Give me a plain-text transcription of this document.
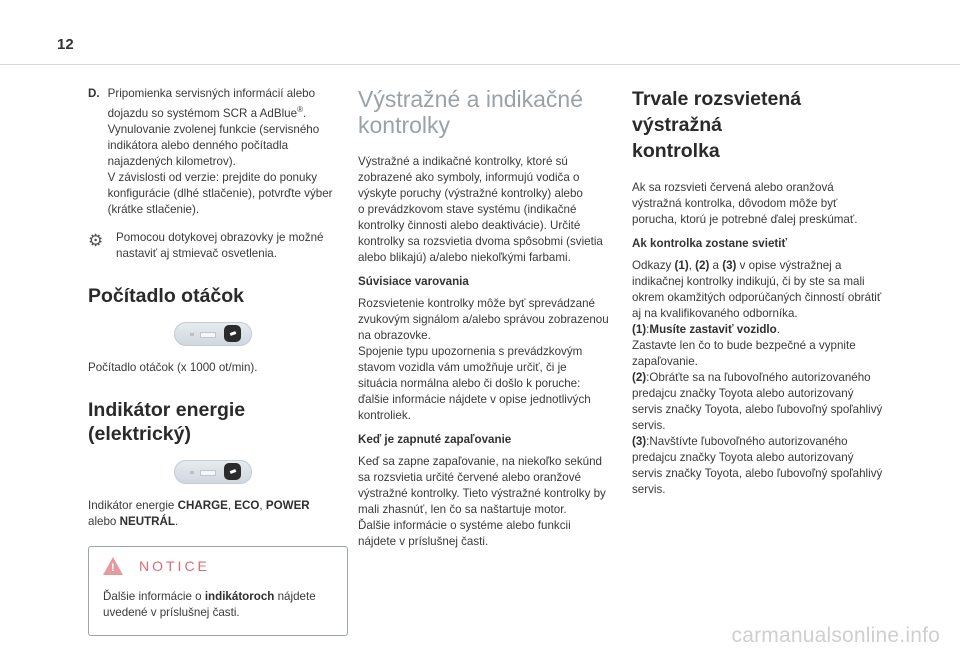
12
D. Pripomienka servisných informácií alebo
dojazdu so systémom SCR a AdBlue®.
Vynulovanie zvolenej funkcie (servisného
indikátora alebo denného počítadla
najazdených kilometrov).
V závislosti od verzie: prejdite do ponuky
konfigurácie (dlhé stlačenie), potvrďte výber
(krátke stlačenie).
⚙ Pomocou dotykovej obrazovky je možné
nastaviť aj stmievač osvetlenia.
Počítadlo otáčok

Počítadlo otáčok (x 1000 ot/min).

Indikátor energie (elektrický)

Indikátor energie CHARGE, ECO, POWER
alebo NEUTRÁL.

!
NOTICE

Ďalšie informácie o indikátoroch nájdete
uvedené v príslušnej časti.

Výstražné a indikačné
kontrolky

Výstražné a indikačné kontrolky, ktoré sú
zobrazené ako symboly, informujú vodiča o
výskyte poruchy (výstražné kontrolky) alebo
o prevádzkovom stave systému (indikačné
kontrolky činnosti alebo deaktivácie). Určité
kontrolky sa rozsvietia dvoma spôsobmi (svietia
alebo blikajú) a/alebo niekoľkými farbami.

Súvisiace varovania

Rozsvietenie kontrolky môže byť sprevádzané
zvukovým signálom a/alebo správou zobrazenou
na obrazovke.
Spojenie typu upozornenia s prevádzkovým
stavom vozidla vám umožňuje určiť, či je
situácia normálna alebo či došlo k poruche:
ďalšie informácie nájdete v opise jednotlivých
kontroliek.

Keď je zapnuté zapaľovanie

Keď sa zapne zapaľovanie, na niekoľko sekúnd
sa rozsvietia určité červené alebo oranžové
výstražné kontrolky. Tieto výstražné kontrolky by
mali zhasnúť, len čo sa naštartuje motor.
Ďalšie informácie o systéme alebo funkcii
nájdete v príslušnej časti.

Trvale rozsvietená výstražná
kontrolka

Ak sa rozsvieti červená alebo oranžová
výstražná kontrolka, dôvodom môže byť
porucha, ktorú je potrebné ďalej preskúmať.

Ak kontrolka zostane svietiť

Odkazy (1), (2) a (3) v opise výstražnej a
indikačnej kontrolky indikujú, či by ste sa mali
okrem okamžitých odporúčaných činností obrátiť
aj na kvalifikovaného odborníka.
(1):Musíte zastaviť vozidlo.
Zastavte len čo to bude bezpečné a vypnite
zapaľovanie.
(2):Obráťte sa na ľubovoľného autorizovaného
predajcu značky Toyota alebo autorizovaný
servis značky Toyota, alebo ľubovoľný spoľahlivý
servis.
(3):Navštívte ľubovoľného autorizovaného
predajcu značky Toyota alebo autorizovaný
servis značky Toyota, alebo ľubovoľný spoľahlivý
servis.

carmanualsonline.info
